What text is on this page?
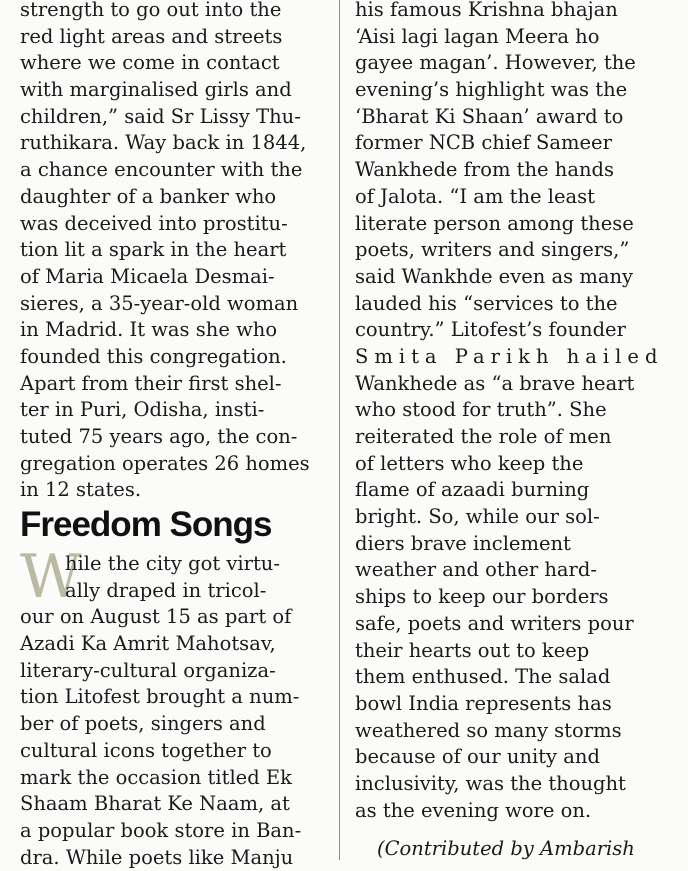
strength to go out into the
red light areas and streets
where we come in contact
with marginalised girls and
children,” said Sr Lissy Thu-
ruthikara. Way back in 1844,
a chance encounter with the
daughter of a banker who
was deceived into prostitu-
tion lit a spark in the heart
of Maria Micaela Desmai-
sieres, a 35-year-old woman
in Madrid. It was she who
founded this congregation.
Apart from their first shel-
ter in Puri, Odisha, insti-
tuted 75 years ago, the con-
gregation operates 26 homes
in 12 states.
Freedom Songs
W
hile the city got virtu-
ally draped in tricol-
our on August 15 as part of
Azadi Ka Amrit Mahotsav,
literary-cultural organiza-
tion Litofest brought a num-
ber of poets, singers and
cultural icons together to
mark the occasion titled Ek
Shaam Bharat Ke Naam, at
a popular book store in Ban-
dra. While poets like Manju
his famous Krishna bhajan
‘Aisi lagi lagan Meera ho
gayee magan’. However, the
evening’s highlight was the
‘Bharat Ki Shaan’ award to
former NCB chief Sameer
Wankhede from the hands
of Jalota. “I am the least
literate person among these
poets, writers and singers,”
said Wankhde even as many
lauded his “services to the
country.” Litofest’s founder
Smita Parikh hailed
Wankhede as “a brave heart
who stood for truth”. She
reiterated the role of men
of letters who keep the
flame of azaadi burning
bright. So, while our sol-
diers brave inclement
weather and other hard-
ships to keep our borders
safe, poets and writers pour
their hearts out to keep
them enthused. The salad
bowl India represents has
weathered so many storms
because of our unity and
inclusivity, was the thought
as the evening wore on.
(Contributed by Ambarish
